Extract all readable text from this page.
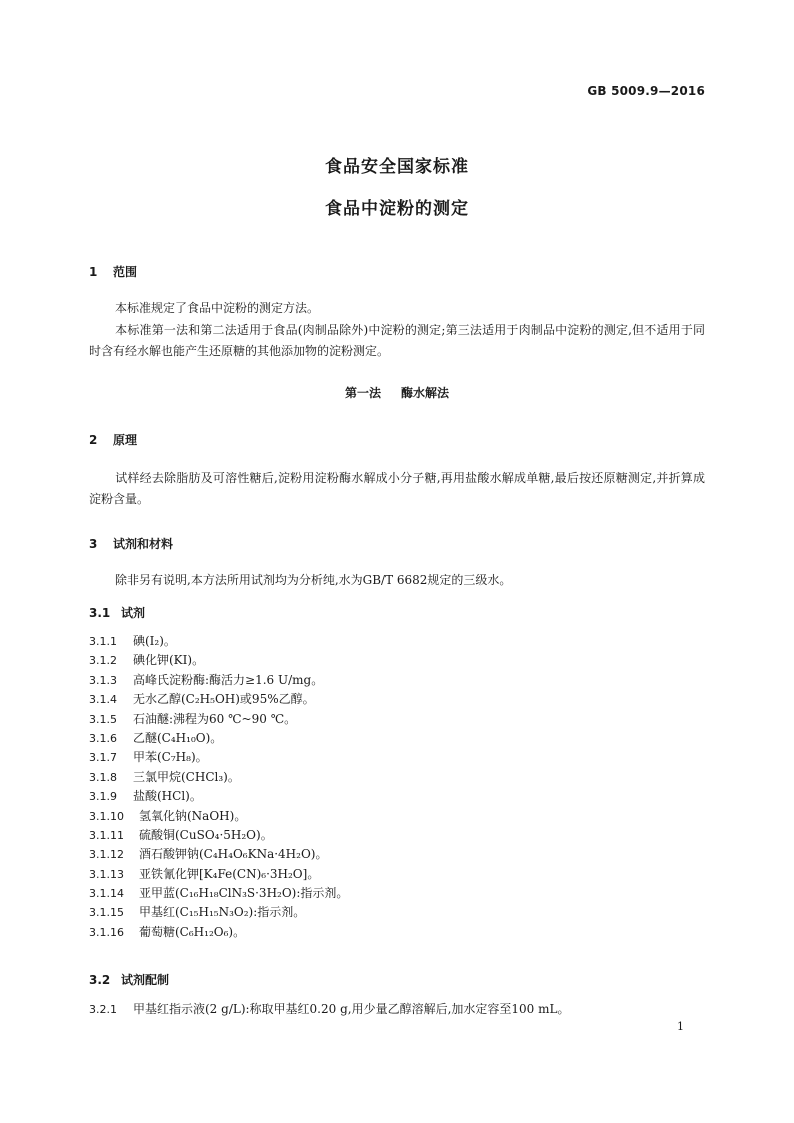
GB 5009.9—2016
食品安全国家标准
食品中淀粉的测定
1 范围
本标准规定了食品中淀粉的测定方法。
本标准第一法和第二法适用于食品(肉制品除外)中淀粉的测定;第三法适用于肉制品中淀粉的测定,但不适用于同时含有经水解也能产生还原糖的其他添加物的淀粉测定。
第一法 酶水解法
2 原理
试样经去除脂肪及可溶性糖后,淀粉用淀粉酶水解成小分子糖,再用盐酸水解成单糖,最后按还原糖测定,并折算成淀粉含量。
3 试剂和材料
除非另有说明,本方法所用试剂均为分析纯,水为GB/T 6682规定的三级水。
3.1 试剂
3.1.1 碘(I₂)。
3.1.2 碘化钾(KI)。
3.1.3 高峰氏淀粉酶:酶活力≥1.6 U/mg。
3.1.4 无水乙醇(C₂H₅OH)或95%乙醇。
3.1.5 石油醚:沸程为60 ℃~90 ℃。
3.1.6 乙醚(C₄H₁₀O)。
3.1.7 甲苯(C₇H₈)。
3.1.8 三氯甲烷(CHCl₃)。
3.1.9 盐酸(HCl)。
3.1.10 氢氧化钠(NaOH)。
3.1.11 硫酸铜(CuSO₄·5H₂O)。
3.1.12 酒石酸钾钠(C₄H₄O₆KNa·4H₂O)。
3.1.13 亚铁氰化钾[K₄Fe(CN)₆·3H₂O]。
3.1.14 亚甲蓝(C₁₆H₁₈ClN₃S·3H₂O):指示剂。
3.1.15 甲基红(C₁₅H₁₅N₃O₂):指示剂。
3.1.16 葡萄糖(C₆H₁₂O₆)。
3.2 试剂配制
3.2.1 甲基红指示液(2 g/L):称取甲基红0.20 g,用少量乙醇溶解后,加水定容至100 mL。
1
